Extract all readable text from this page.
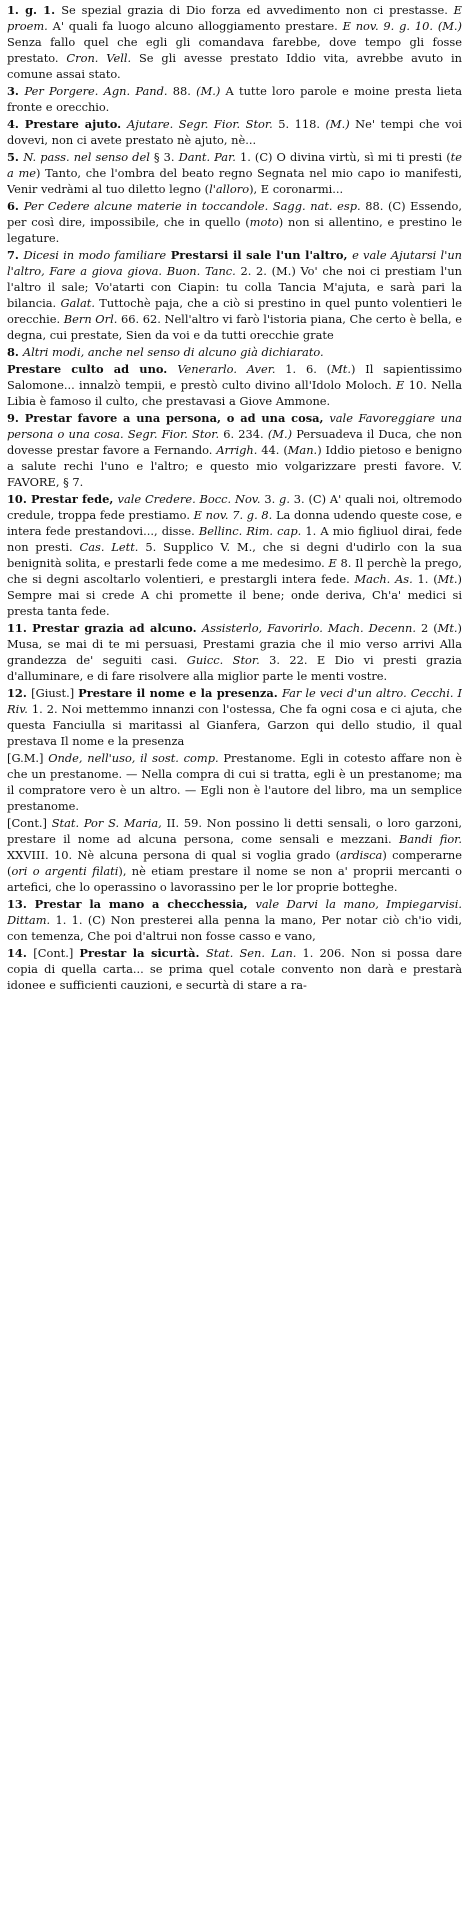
1. g. 1. Se spezial grazia di Dio forza ed avvedimento non ci prestasse. E proem. A' quali fa luogo alcuno alloggiamento prestare. E nov. 9. g. 10. (M.) Senza fallo quel che egli gli comandava farebbe, dove tempo gli fosse prestato. Cron. Vell. Se gli avesse prestato Iddio vita, avrebbe avuto in comune assai stato.

3. Per Porgere. Agn. Pand. 88. (M.) A tutte loro parole e moine presta lieta fronte e orecchio.

4. Prestare ajuto. Ajutare. Segr. Fior. Stor. 5. 118. (M.) Ne' tempi che voi dovevi, non ci avete prestato nè ajuto, nè...

5. N. pass. nel senso del § 3. Dant. Par. 1. (C) O divina virtù, sì mi ti presti (te a me) Tanto, che l'ombra del beato regno Segnata nel mio capo io manifesti, Venir vedràmi al tuo diletto legno (l'alloro), E coronarmi...

6. Per Cedere alcune materie in toccandole. Sagg. nat. esp. 88. (C) Essendo, per così dire, impossibile, che in quello (moto) non si allentino, e prestino le legature.

7. Dicesi in modo familiare Prestarsi il sale l'un l'altro, e vale Ajutarsi l'un l'altro, Fare a giova giova. Buon. Tanc. 2. 2. (M.) Vo' che noi ci prestiam l'un l'altro il sale; Vo'atarti con Ciapin: tu colla Tancia M'ajuta, e sarà pari la bilancia. Galat. Tuttochè paja, che a ciò si prestino in quel punto volentieri le orecchie. Bern Orl. 66. 62. Nell'altro vi farò l'istoria piana, Che certo è bella, e degna, cui prestate, Sien da voi e da tutti orecchie grate

8. Altri modi, anche nel senso di alcuno già dichiarato.

Prestare culto ad uno. Venerarlo. Aver. 1. 6. (Mt.) Il sapientissimo Salomone... innalzò tempii, e prestò culto divino all'Idolo Moloch. E 10. Nella Libia è famoso il culto, che prestavasi a Giove Ammone.

9. Prestar favore a una persona, o ad una cosa, vale Favoreggiare una persona o una cosa. Segr. Fior. Stor. 6. 234. (M.) Persuadeva il Duca, che non dovesse prestar favore a Fernando. Arrigh. 44. (Man.) Iddio pietoso e benigno a salute rechi l'uno e l'altro; e questo mio volgarizzare presti favore. V. FAVORE, § 7.

10. Prestar fede, vale Credere. Bocc. Nov. 3. g. 3. (C) A' quali noi, oltremodo credule, troppa fede prestiamo. E nov. 7. g. 8. La donna udendo queste cose, e intera fede prestandovi..., disse. Bellinc. Rim. cap. 1. A mio figliuol dirai, fede non presti. Cas. Lett. 5. Supplico V. M., che si degni d'udirlo con la sua benignità solita, e prestarli fede come a me medesimo. E 8. Il perchè la prego, che si degni ascoltarlo volentieri, e prestargli intera fede. Mach. As. 1. (Mt.) Sempre mai si crede A chi promette il bene; onde deriva, Ch'a' medici si presta tanta fede.

11. Prestar grazia ad alcuno. Assisterlo, Favorirlo. Mach. Decenn. 2 (Mt.) Musa, se mai di te mi persuasi, Prestami grazia che il mio verso arrivi Alla grandezza de' seguiti casi. Guicc. Stor. 3. 22. E Dio vi presti grazia d'alluminare, e di fare risolvere alla miglior parte le menti vostre.

12. [Giust.] Prestare il nome e la presenza. Far le veci d'un altro. Cecchi. I Riv. 1. 2. Noi mettemmo innanzi con l'ostessa, Che fa ogni cosa e ci ajuta, che questa Fanciulla si maritassi al Gianfera, Garzon qui dello studio, il qual prestava Il nome e la presenza

[G.M.] Onde, nell'uso, il sost. comp. Prestanome. Egli in cotesto affare non è che un prestanome. — Nella compra di cui si tratta, egli è un prestanome; ma il compratore vero è un altro. — Egli non è l'autore del libro, ma un semplice prestanome.

[Cont.] Stat. Por S. Maria, II. 59. Non possino li detti sensali, o loro garzoni, prestare il nome ad alcuna persona, come sensali e mezzani. Bandi fior. XXVIII. 10. Nè alcuna persona di qual si voglia grado (ardisca) comperarne (ori o argenti filati), nè etiam prestare il nome se non a' proprii mercanti o artefici, che lo operassino o lavorassino per le lor proprie botteghe.

13. Prestar la mano a checchessia, vale Darvi la mano, Impiegarvisi. Dittam. 1. 1. (C) Non presterei alla penna la mano, Per notar ciò ch'io vidi, con temenza, Che poi d'altrui non fosse casso e vano,

14. [Cont.] Prestar la sicurtà. Stat. Sen. Lan. 1. 206. Non si possa dare copia di quella carta... se prima quel cotale convento non darà e prestarà idonee e sufficienti cauzioni, e securtà di stare a ra-
